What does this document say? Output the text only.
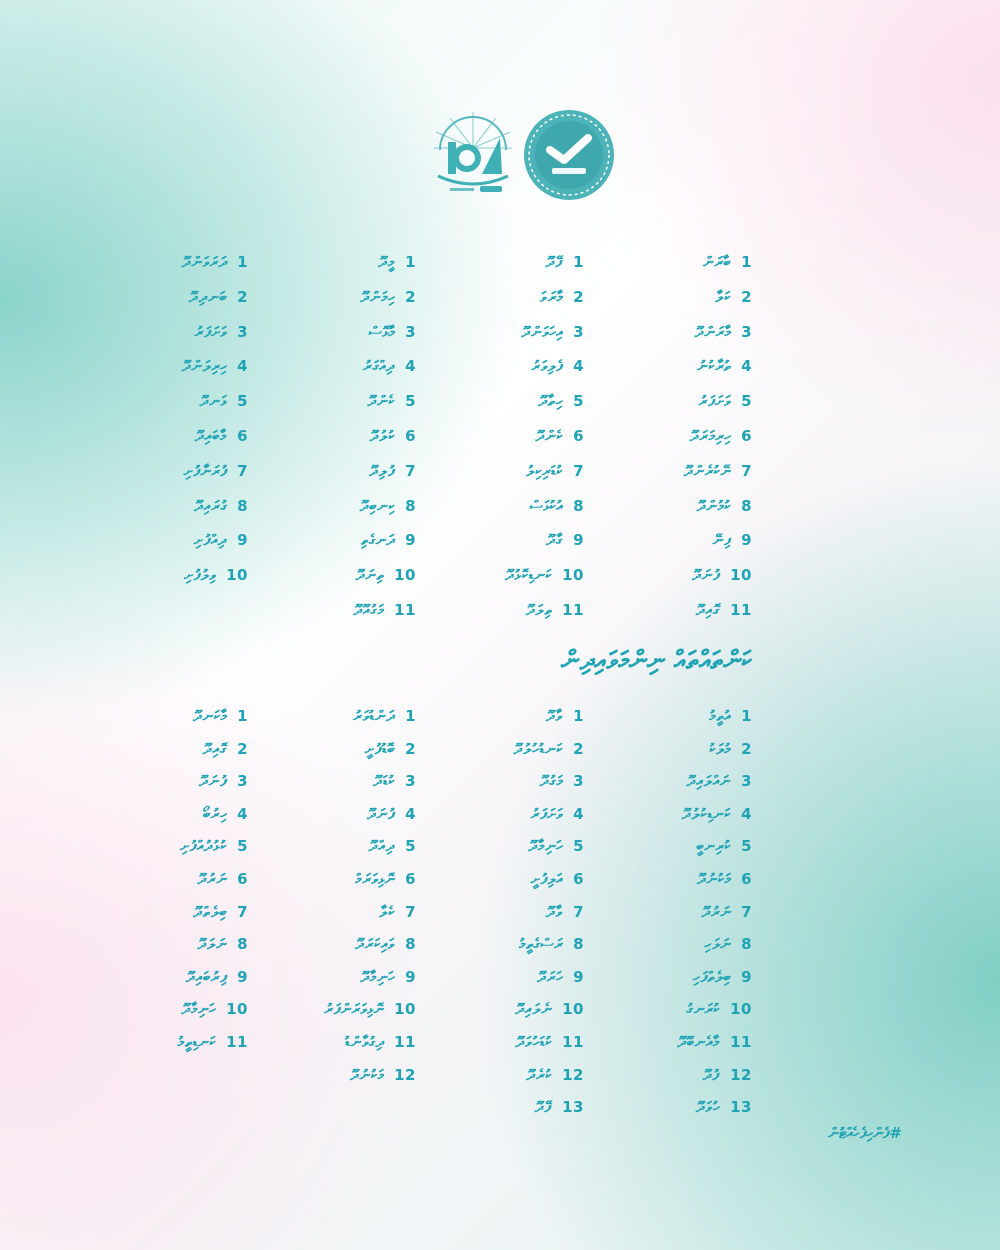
1ބާރަން
2ކަލާ
3މާރަންދޫ
4ތުރާކުނު
5ވަށަފަރު
6ހިރިމަރަދޫ
7ނޭކުރެންދޫ
8ކުމުންދޫ
9ފިނޭ
10ފުނަދޫ
11ގޮއިދޫ
1ފޭދޫ
2މާރަވަ
3އިހަވަންދޫ
4ފެލިވަރު
5ހިތާދޫ
6ކެންދޫ
7ކުޑަރިކިލު
8އުކުޅަސް
9ގާދޫ
10ކަނޑިކޮޅުދޫ
11ތިލަދޫ
1މީދޫ
2ހިމަންދޫ
3މާޅޮސް
4ދިއްގަރު
5ކެންދޫ
6ކުލުދޫ
7ފުލިދޫ
8ކިނބިދޫ
9ދަނގެތި
10ތިނަދޫ
11މަގުއޫދޫ
1ދަރަވަންދޫ
2ބަނދިދޫ
3ވަށަފަރު
4ހިރިލަންދޫ
5ޅަނދޫ
6މާބައިދޫ
7ފުރަނާފުށި
8ގުރައިދޫ
9ދިއްފުށި
10ވިލުފުށި
ކަންތައްތައް ނިންމަވައިދިން
1އުތީމު
2މުލަކު
3ނައްލައިދޫ
4ކަނޑިކުލުދޫ
5ކުރިނބީ
6މަކުނުދޫ
7ނަރުދޫ
8ނަލަހި
9ބިލެތްފަހި
10ކުރަނގު
11މާއެނބޫދޫ
12ފުދޫ
13ހުވަދޫ
1ވާދޫ
2ކަނޑުހުލުދޫ
3މަގުދޫ
4ވަށަފަރު
5ހަނިމާދޫ
6އަލިފުށީ
7ވާދޫ
8ރަސްގެތީމު
9ހަރަދޫ
10ނެލައިދޫ
11ކުޑަހުވަދޫ
12ކުރެދޫ
13ފޭދޫ
1ދަންޑުވަރު
2ބޮޑުފުށީ
3ކުޑަދޫ
4ފުނަދޫ
5ދިއްދޫ
6ނޮޅިވަރަމް
7ކެލާ
8ވައިކަރަދޫ
9ހަނިމާދޫ
10ނޮޅިވަރަންފަރު
11ދިގުވާންޑު
12މަކުނުދޫ
1މާކަނދޫ
2ގޮއިދޫ
3ފުނަދޫ
4ހިރުބޯ
5ކުޅުދުއްފުށި
6ނަރުދޫ
7ބިލެތްދޫ
8ނަލަދޫ
9ފިރުބައިދޫ
10ހަނިމާދޫ
11ކަނޑިތީމު

#ފެންހިފެހެއްޓުން
